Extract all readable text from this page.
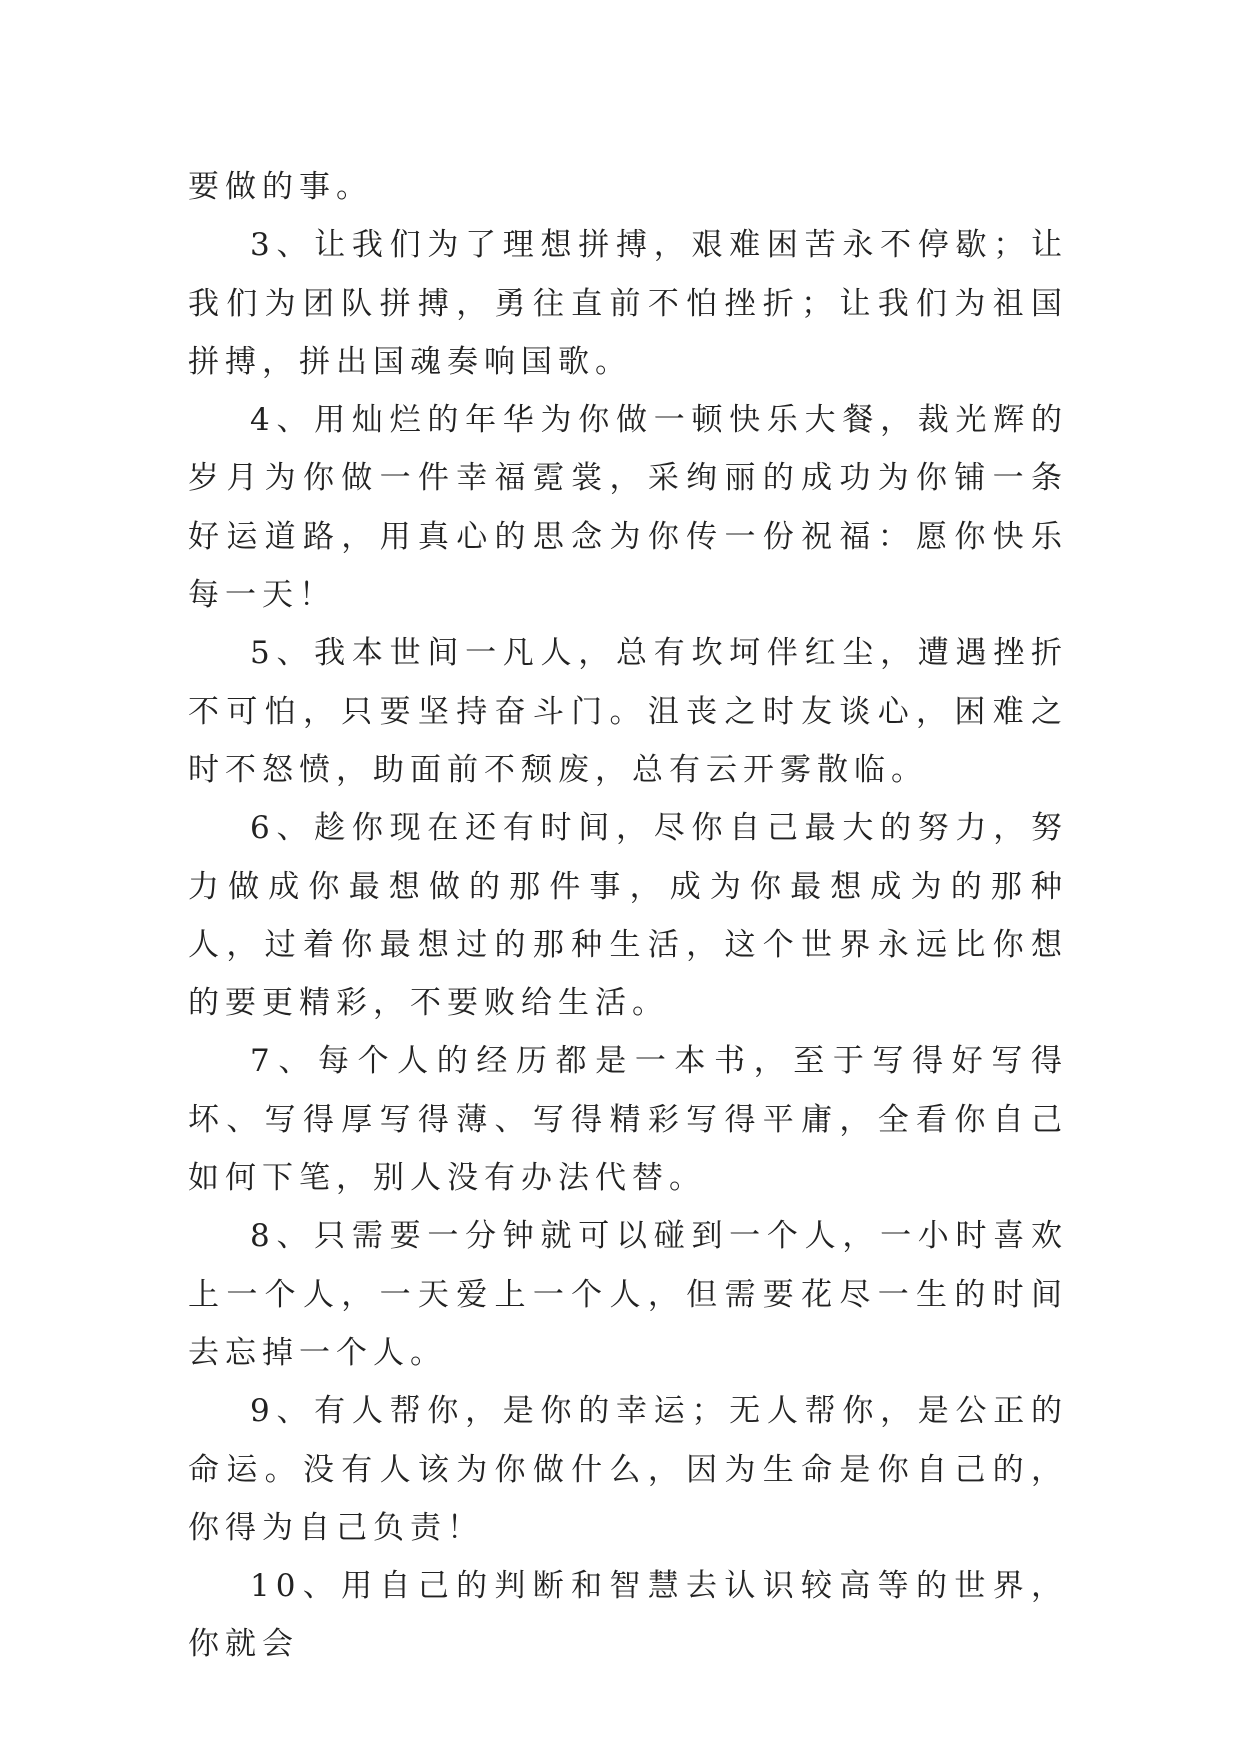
要做的事。

3、让我们为了理想拼搏，艰难困苦永不停歇；让我们为团队拼搏，勇往直前不怕挫折；让我们为祖国拼搏，拼出国魂奏响国歌。

4、用灿烂的年华为你做一顿快乐大餐，裁光辉的岁月为你做一件幸福霓裳，采绚丽的成功为你铺一条好运道路，用真心的思念为你传一份祝福：愿你快乐每一天！

5、我本世间一凡人，总有坎坷伴红尘，遭遇挫折不可怕，只要坚持奋斗门。沮丧之时友谈心，困难之时不怒愤，助面前不颓废，总有云开雾散临。

6、趁你现在还有时间，尽你自己最大的努力，努力做成你最想做的那件事，成为你最想成为的那种人，过着你最想过的那种生活，这个世界永远比你想的要更精彩，不要败给生活。

7、每个人的经历都是一本书，至于写得好写得坏、写得厚写得薄、写得精彩写得平庸，全看你自己如何下笔，别人没有办法代替。

8、只需要一分钟就可以碰到一个人，一小时喜欢上一个人，一天爱上一个人，但需要花尽一生的时间去忘掉一个人。

9、有人帮你，是你的幸运；无人帮你，是公正的命运。没有人该为你做什么，因为生命是你自己的，你得为自己负责！

10、用自己的判断和智慧去认识较高等的世界，你就会
